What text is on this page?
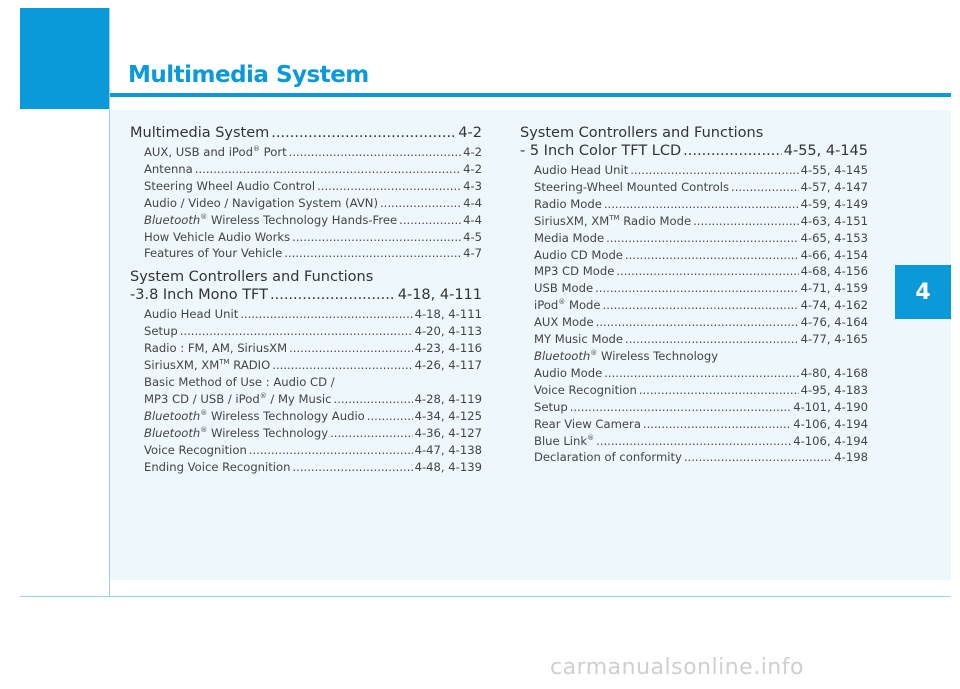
Multimedia System
4
Multimedia System .....	4-2
AUX, USB and iPod® Port .....	4-2
Antenna .....	4-2
Steering Wheel Audio Control .....	4-3
Audio / Video / Navigation System (AVN) .....	4-4
Bluetooth® Wireless Technology Hands-Free .....	4-4
How Vehicle Audio Works .....	4-5
Features of Your Vehicle .....	4-7
System Controllers and Functions
-3.8 Inch Mono TFT .....	4-18, 4-111
Audio Head Unit .....	4-18, 4-111
Setup .....	4-20, 4-113
Radio : FM, AM, SiriusXM .....	4-23, 4-116
SiriusXM, XM™ RADIO .....	4-26, 4-117
Basic Method of Use : Audio CD /
MP3 CD / USB / iPod® / My Music .....	4-28, 4-119
Bluetooth® Wireless Technology Audio .....	4-34, 4-125
Bluetooth® Wireless Technology .....	4-36, 4-127
Voice Recognition .....	4-47, 4-138
Ending Voice Recognition .....	4-48, 4-139
System Controllers and Functions
- 5 Inch Color TFT LCD .....	4-55, 4-145
Audio Head Unit .....	4-55, 4-145
Steering-Wheel Mounted Controls .....	4-57, 4-147
Radio Mode .....	4-59, 4-149
SiriusXM, XM™ Radio Mode .....	4-63, 4-151
Media Mode .....	4-65, 4-153
Audio CD Mode .....	4-66, 4-154
MP3 CD Mode .....	4-68, 4-156
USB Mode .....	4-71, 4-159
iPod® Mode .....	4-74, 4-162
AUX Mode .....	4-76, 4-164
MY Music Mode .....	4-77, 4-165
Bluetooth® Wireless Technology
Audio Mode .....	4-80, 4-168
Voice Recognition .....	4-95, 4-183
Setup .....	4-101, 4-190
Rear View Camera .....	4-106, 4-194
Blue Link® .....	4-106, 4-194
Declaration of conformity .....	4-198
carmanualsonline.info
